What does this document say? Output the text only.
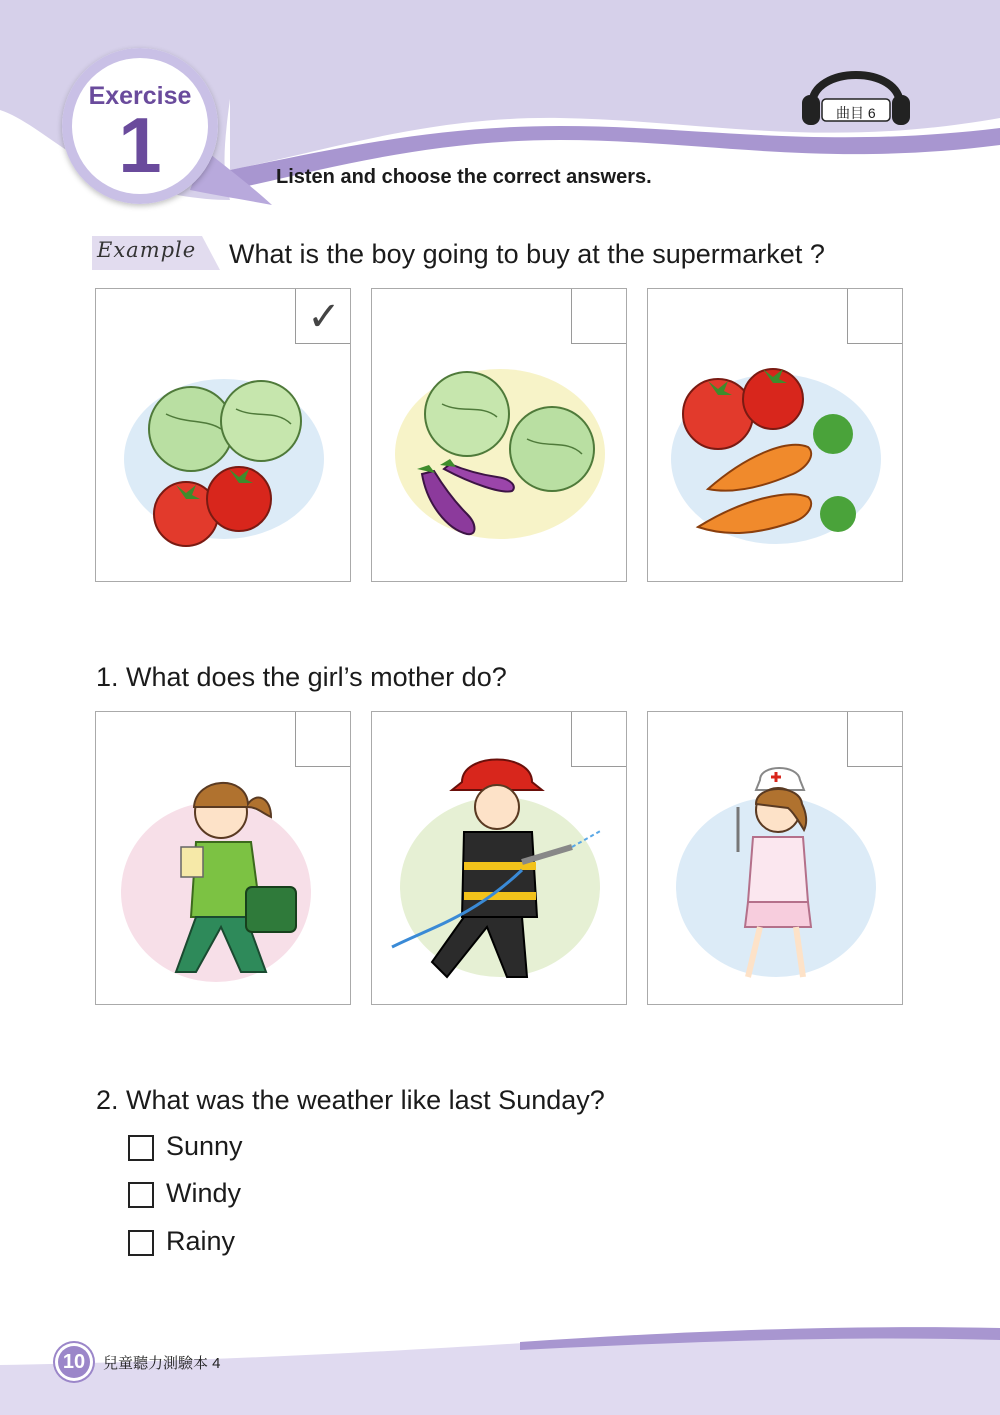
Exercise
1	Listen and choose the correct answers.
曲目 6
Example What is the boy going to buy at the supermarket ?
✓
1. What does the girl’s mother do?
2. What was the weather like last Sunday?
Sunny
Windy
Rainy
10	兒童聽力測驗本 4
